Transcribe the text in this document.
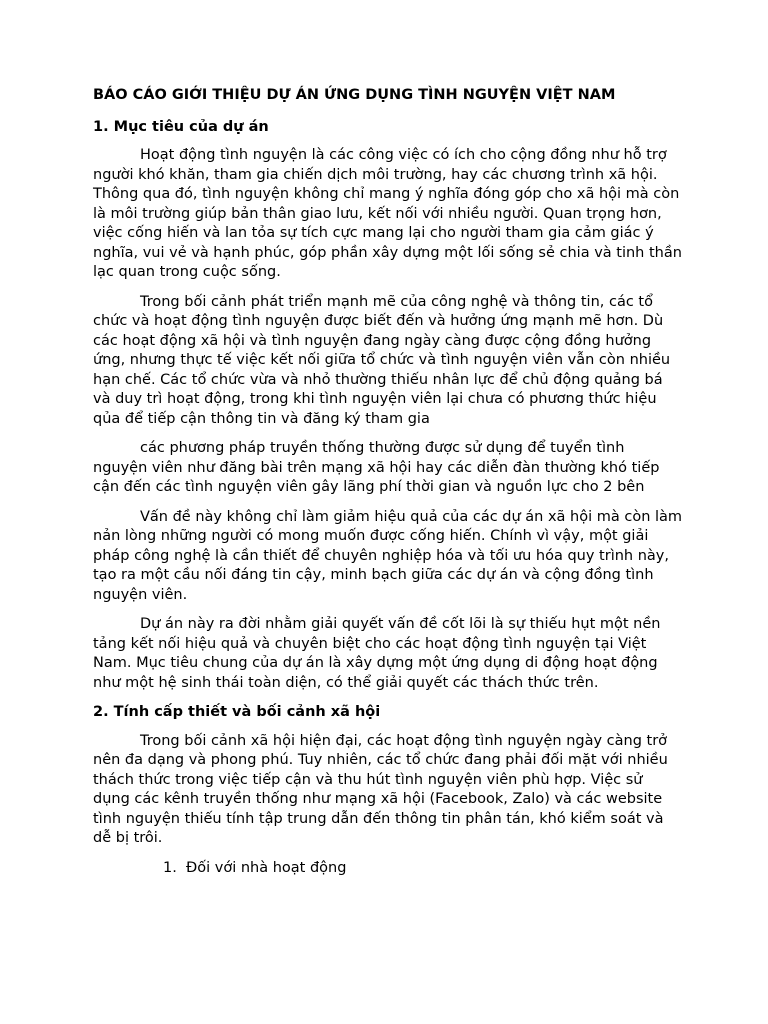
BÁO CÁO GIỚI THIỆU DỰ ÁN ỨNG DỤNG TÌNH NGUYỆN VIỆT NAM
1. Mục tiêu của dự án

Hoạt động tình nguyện là các công việc có ích cho cộng đồng như hỗ trợ người khó khăn, tham gia chiến dịch môi trường, hay các chương trình xã hội. Thông qua đó, tình nguyện không chỉ mang ý nghĩa đóng góp cho xã hội mà còn là môi trường giúp bản thân giao lưu, kết nối với nhiều người. Quan trọng hơn, việc cống hiến và lan tỏa sự tích cực mang lại cho người tham gia cảm giác ý nghĩa, vui vẻ và hạnh phúc, góp phần xây dựng một lối sống sẻ chia và tinh thần lạc quan trong cuộc sống.

Trong bối cảnh phát triển mạnh mẽ của công nghệ và thông tin, các tổ chức và hoạt động tình nguyện được biết đến và hưởng ứng mạnh mẽ hơn. Dù các hoạt động xã hội và tình nguyện đang ngày càng được cộng đồng hưởng ứng, nhưng thực tế việc kết nối giữa tổ chức và tình nguyện viên vẫn còn nhiều hạn chế. Các tổ chức vừa và nhỏ thường thiếu nhân lực để chủ động quảng bá và duy trì hoạt động, trong khi tình nguyện viên lại chưa có phương thức hiệu qủa để tiếp cận thông tin và đăng ký tham gia

các phương pháp truyền thống thường được sử dụng để tuyển tình nguyện viên như đăng bài trên mạng xã hội hay các diễn đàn thường khó tiếp cận đến các tình nguyện viên gây lãng phí thời gian và nguồn lực cho 2 bên

Vấn đề này không chỉ làm giảm hiệu quả của các dự án xã hội mà còn làm nản lòng những người có mong muốn được cống hiến. Chính vì vậy, một giải pháp công nghệ là cần thiết để chuyên nghiệp hóa và tối ưu hóa quy trình này, tạo ra một cầu nối đáng tin cậy, minh bạch giữa các dự án và cộng đồng tình nguyện viên.

Dự án này ra đời nhằm giải quyết vấn đề cốt lõi là sự thiếu hụt một nền tảng kết nối hiệu quả và chuyên biệt cho các hoạt động tình nguyện tại Việt Nam. Mục tiêu chung của dự án là xây dựng một ứng dụng di động hoạt động như một hệ sinh thái toàn diện, có thể giải quyết các thách thức trên.

2. Tính cấp thiết và bối cảnh xã hội

Trong bối cảnh xã hội hiện đại, các hoạt động tình nguyện ngày càng trở nên đa dạng và phong phú. Tuy nhiên, các tổ chức đang phải đối mặt với nhiều thách thức trong việc tiếp cận và thu hút tình nguyện viên phù hợp. Việc sử dụng các kênh truyền thống như mạng xã hội (Facebook, Zalo) và các website tình nguyện thiếu tính tập trung dẫn đến thông tin phân tán, khó kiểm soát và dễ bị trôi.

1. Đối với nhà hoạt động
